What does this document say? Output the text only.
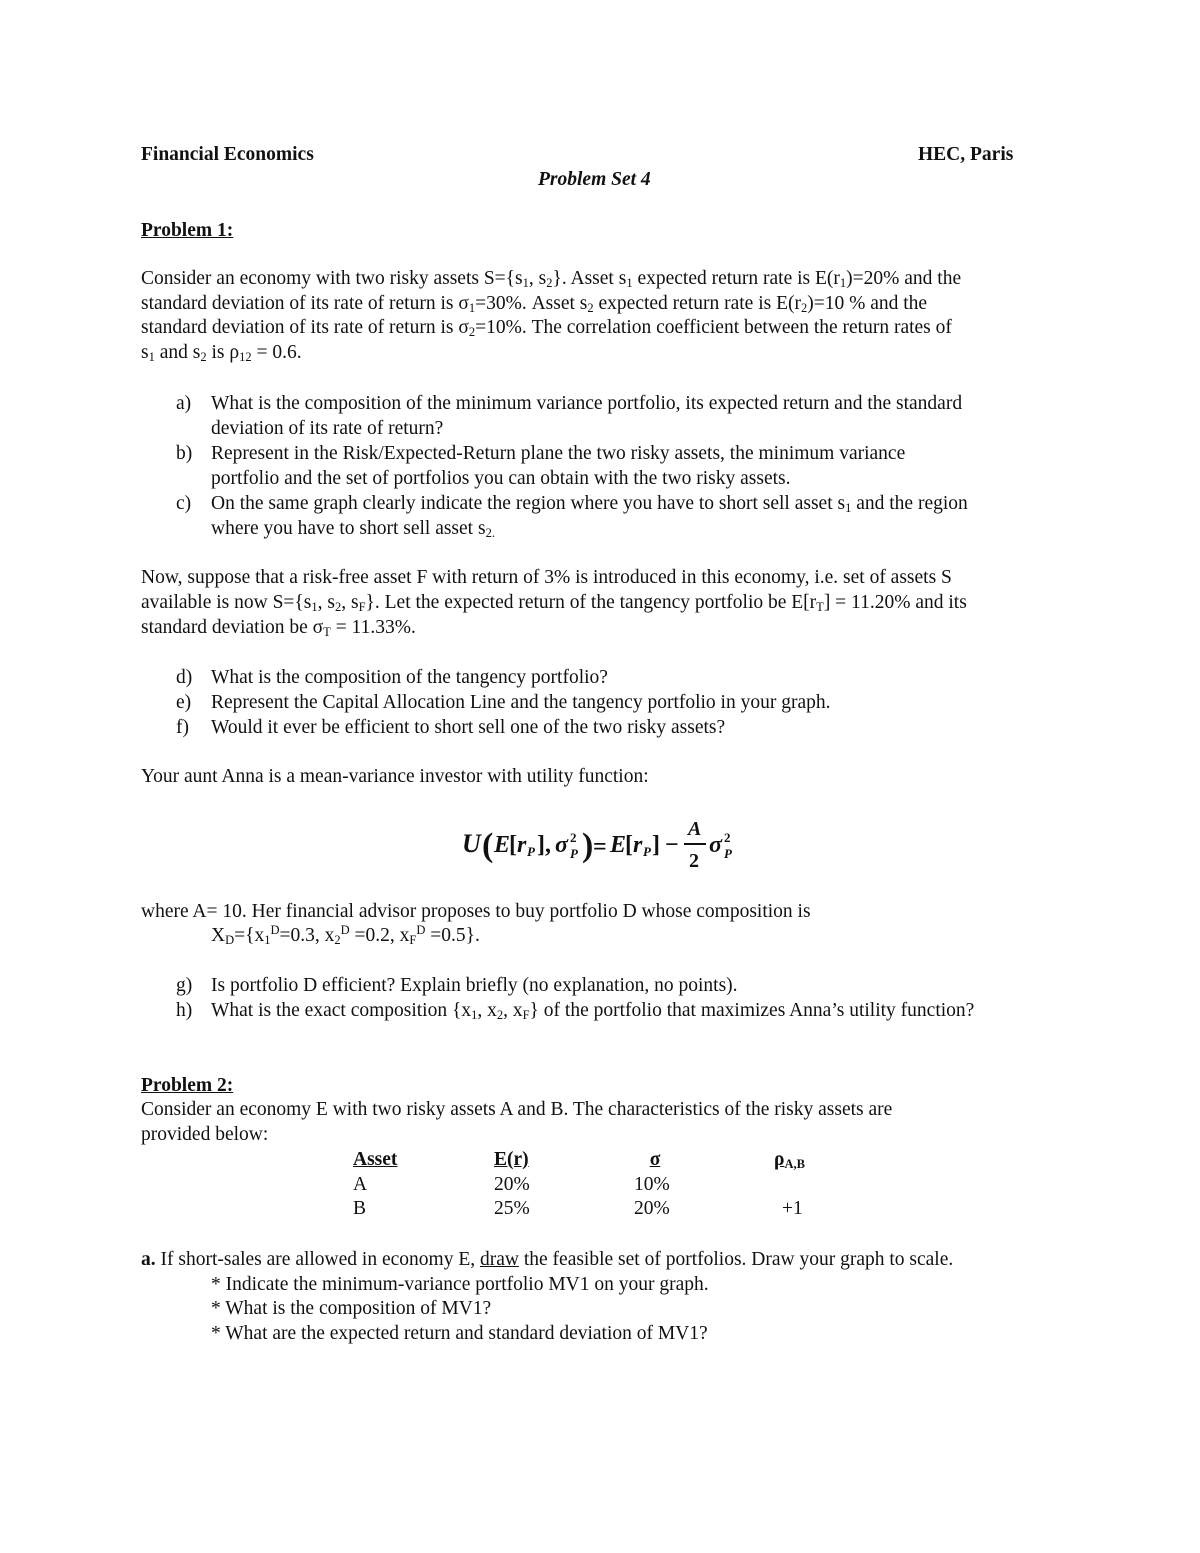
Financial Economics	HEC, Paris
Problem Set 4
Problem 1:
Consider an economy with two risky assets $S=\{s_1$, $s_2$}. Asset $s_1$ expected return rate is $E(r_1)=20\%$ and the
standard deviation of its rate of return is $\sigma_1=30\%$. Asset $s_2$ expected return rate is $E(r_2)=10$ % and the
standard deviation of its rate of return is $\sigma_2=10\%$. The correlation coefficient between the return rates of
$s_1$ and $s_2$ is $\rho_{12} = 0.6$.
a) What is the composition of the minimum variance portfolio, its expected return and the standard
deviation of its rate of return?
b) Represent in the Risk/Expected-Return plane the two risky assets, the minimum variance
portfolio and the set of portfolios you can obtain with the two risky assets.
c) On the same graph clearly indicate the region where you have to short sell asset $s_1$ and the region
where you have to short sell asset $s_{2.}$
Now, suppose that a risk-free asset F with return of 3% is introduced in this economy, i.e. set of assets S
available is now $S=\{s_1$, $s_2$, $s_F$}. Let the expected return of the tangency portfolio be $E[r_T] = 11.20\%$ and its
standard deviation be $\sigma_T = 11.33\%$.
d) What is the composition of the tangency portfolio?
e) Represent the Capital Allocation Line and the tangency portfolio in your graph.
f) Would it ever be efficient to short sell one of the two risky assets?
Your aunt Anna is a mean-variance investor with utility function:
U ( E
[ r P ], σ 2
P ) = E
[ r P ] −
A
2
σ 2
P
where A= 10. Her financial advisor proposes to buy portfolio D whose composition is
$X_D=\{x_1^D=0.3$, $x_2^D =0.2$, $x_F^D =0.5$}.
g) Is portfolio D efficient? Explain briefly (no explanation, no points).
h) What is the exact composition {$x_1$, $x_2$, $x_F$} of the portfolio that maximizes Anna’s utility function?
Problem 2:
Consider an economy E with two risky assets A and B. The characteristics of the risky assets are
provided below:
Asset	E(r)	σ	$\rho_{A,B}$
A	20%	10%
B	25%	20%	+1
a. If short-sales are allowed in economy E, draw the feasible set of portfolios. Draw your graph to scale.
* Indicate the minimum-variance portfolio MV1 on your graph.
* What is the composition of MV1?
* What are the expected return and standard deviation of MV1?
